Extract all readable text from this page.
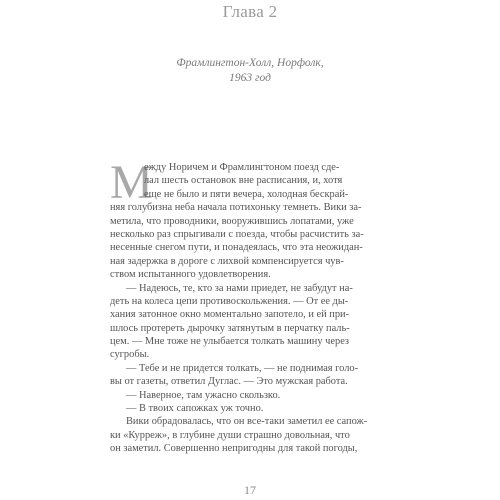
Глава 2
Фрамлингтон-Холл, Норфолк,
1963 год
М
ежду Норичем и Фрамлингтоном поезд сде-
лал шесть остановок вне расписания, и, хотя
еще не было и пяти вечера, холодная бескрай-
няя голубизна неба начала потихоньку темнеть. Вики за-
метила, что проводники, вооружившись лопатами, уже
несколько раз спрыгивали с поезда, чтобы расчистить за-
несенные снегом пути, и понадеялась, что эта неожидан-
ная задержка в дороге с лихвой компенсируется чув-
ством испытанного удовлетворения.
— Надеюсь, те, кто за нами приедет, не забудут на-
деть на колеса цепи противоскольжения. — От ее ды-
хания затонное окно моментально запотело, и ей при-
шлось протереть дырочку затянутым в перчатку паль-
цем. — Мне тоже не улыбается толкать машину через
сугробы.
— Тебе и не придется толкать, — не поднимая голо-
вы от газеты, ответил Дуглас. — Это мужская работа.
— Наверное, там ужасно скользко.
— В твоих сапожках уж точно.
Вики обрадовалась, что он все-таки заметил ее сапож-
ки «Курреж», в глубине души страшно довольная, что
он заметил. Совершенно непригодны для такой погоды,
17
